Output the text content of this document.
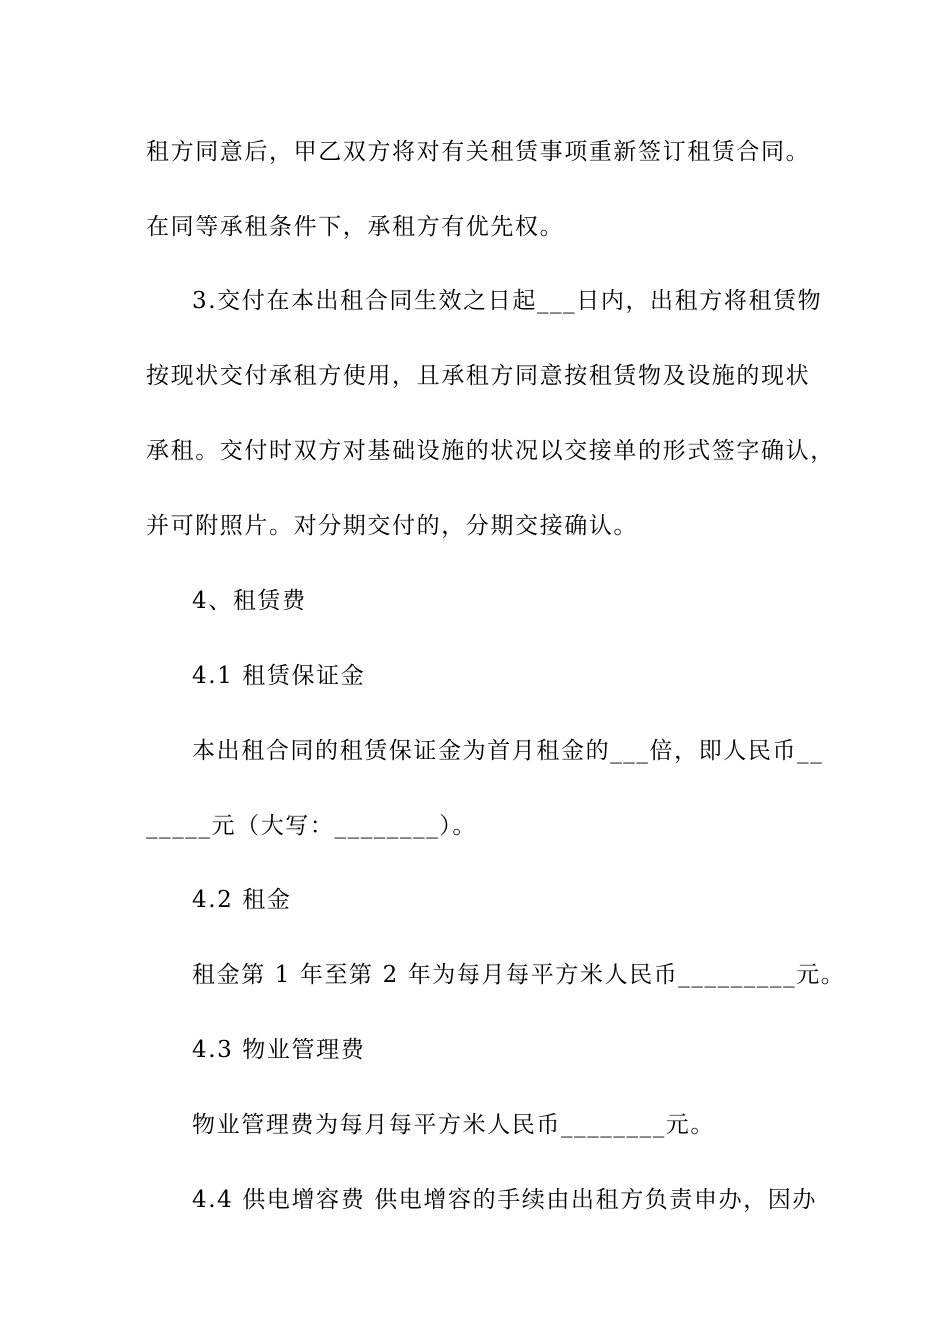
租方同意后，甲乙双方将对有关租赁事项重新签订租赁合同。
在同等承租条件下，承租方有优先权。
3.交付在本出租合同生效之日起___日内，出租方将租赁物
按现状交付承租方使用，且承租方同意按租赁物及设施的现状
承租。交付时双方对基础设施的状况以交接单的形式签字确认，
并可附照片。对分期交付的，分期交接确认。
4、租赁费
4.1 租赁保证金
本出租合同的租赁保证金为首月租金的___倍，即人民币__
_____元（大写：________）。
4.2 租金
租金第 1 年至第 2 年为每月每平方米人民币_________元。
4.3 物业管理费
物业管理费为每月每平方米人民币________元。
4.4 供电增容费 供电增容的手续由出租方负责申办，因办
